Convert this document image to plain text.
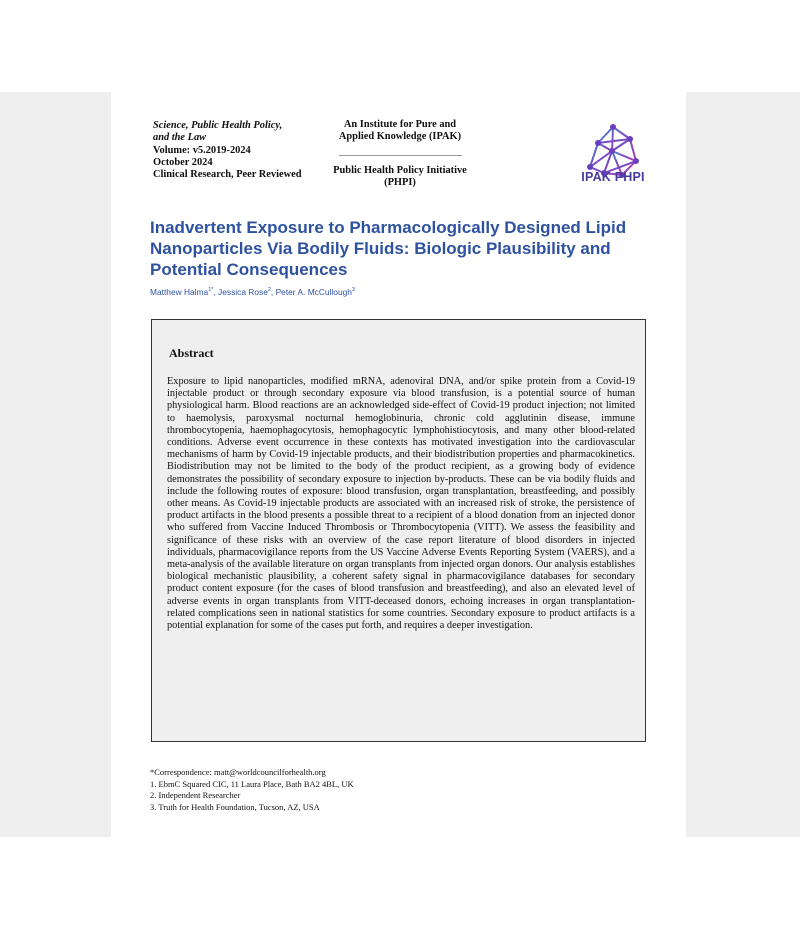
Science, Public Health Policy,
and the Law
Volume: v5.2019-2024
October 2024
Clinical Research, Peer Reviewed
An Institute for Pure and Applied Knowledge (IPAK)
Public Health Policy Initiative (PHPI)	IPAK PHPI
Inadvertent Exposure to Pharmacologically Designed Lipid Nanoparticles Via Bodily Fluids: Biologic Plausibility and Potential Consequences
Matthew Halma$^{1*}$, Jessica Rose$^2$, Peter A. McCullough$^3$
Abstract

Exposure to lipid nanoparticles, modified mRNA, adenoviral DNA, and/or spike protein from a Covid-19 injectable product or through secondary exposure via blood transfusion, is a potential source of human physiological harm. Blood reactions are an acknowledged side-effect of Covid-19 product injection; not limited to haemolysis, paroxysmal nocturnal hemoglobinuria, chronic cold agglutinin disease, immune thrombocytopenia, haemophagocytosis, hemophagocytic lymphohistiocytosis, and many other blood-related conditions. Adverse event occurrence in these contexts has motivated investigation into the cardiovascular mechanisms of harm by Covid-19 injectable products, and their biodistribution properties and pharmacokinetics. Biodistribution may not be limited to the body of the product recipient, as a growing body of evidence demonstrates the possibility of secondary exposure to injection by-products. These can be via bodily fluids and include the following routes of exposure: blood transfusion, organ transplantation, breastfeeding, and possibly other means. As Covid-19 injectable products are associated with an increased risk of stroke, the persistence of product artifacts in the blood presents a possible threat to a recipient of a blood donation from an injected donor who suffered from Vaccine Induced Thrombosis or Thrombocytopenia (VITT). We assess the feasibility and significance of these risks with an overview of the case report literature of blood disorders in injected individuals, pharmacovigilance reports from the US Vaccine Adverse Events Reporting System (VAERS), and a meta-analysis of the available literature on organ transplants from injected organ donors. Our analysis establishes biological mechanistic plausibility, a coherent safety signal in pharmacovigilance databases for secondary product content exposure (for the cases of blood transfusion and breastfeeding), and also an elevated level of adverse events in organ transplants from VITT-deceased donors, echoing increases in organ transplantation-related complications seen in national statistics for some countries. Secondary exposure to product artifacts is a potential explanation for some of the cases put forth, and requires a deeper investigation.

*Correspondence: matt@worldcouncilforhealth.org
1. EbmC Squared CIC, 11 Laura Place, Bath BA2 4BL, UK
2. Independent Researcher
3. Truth for Health Foundation, Tucson, AZ, USA
